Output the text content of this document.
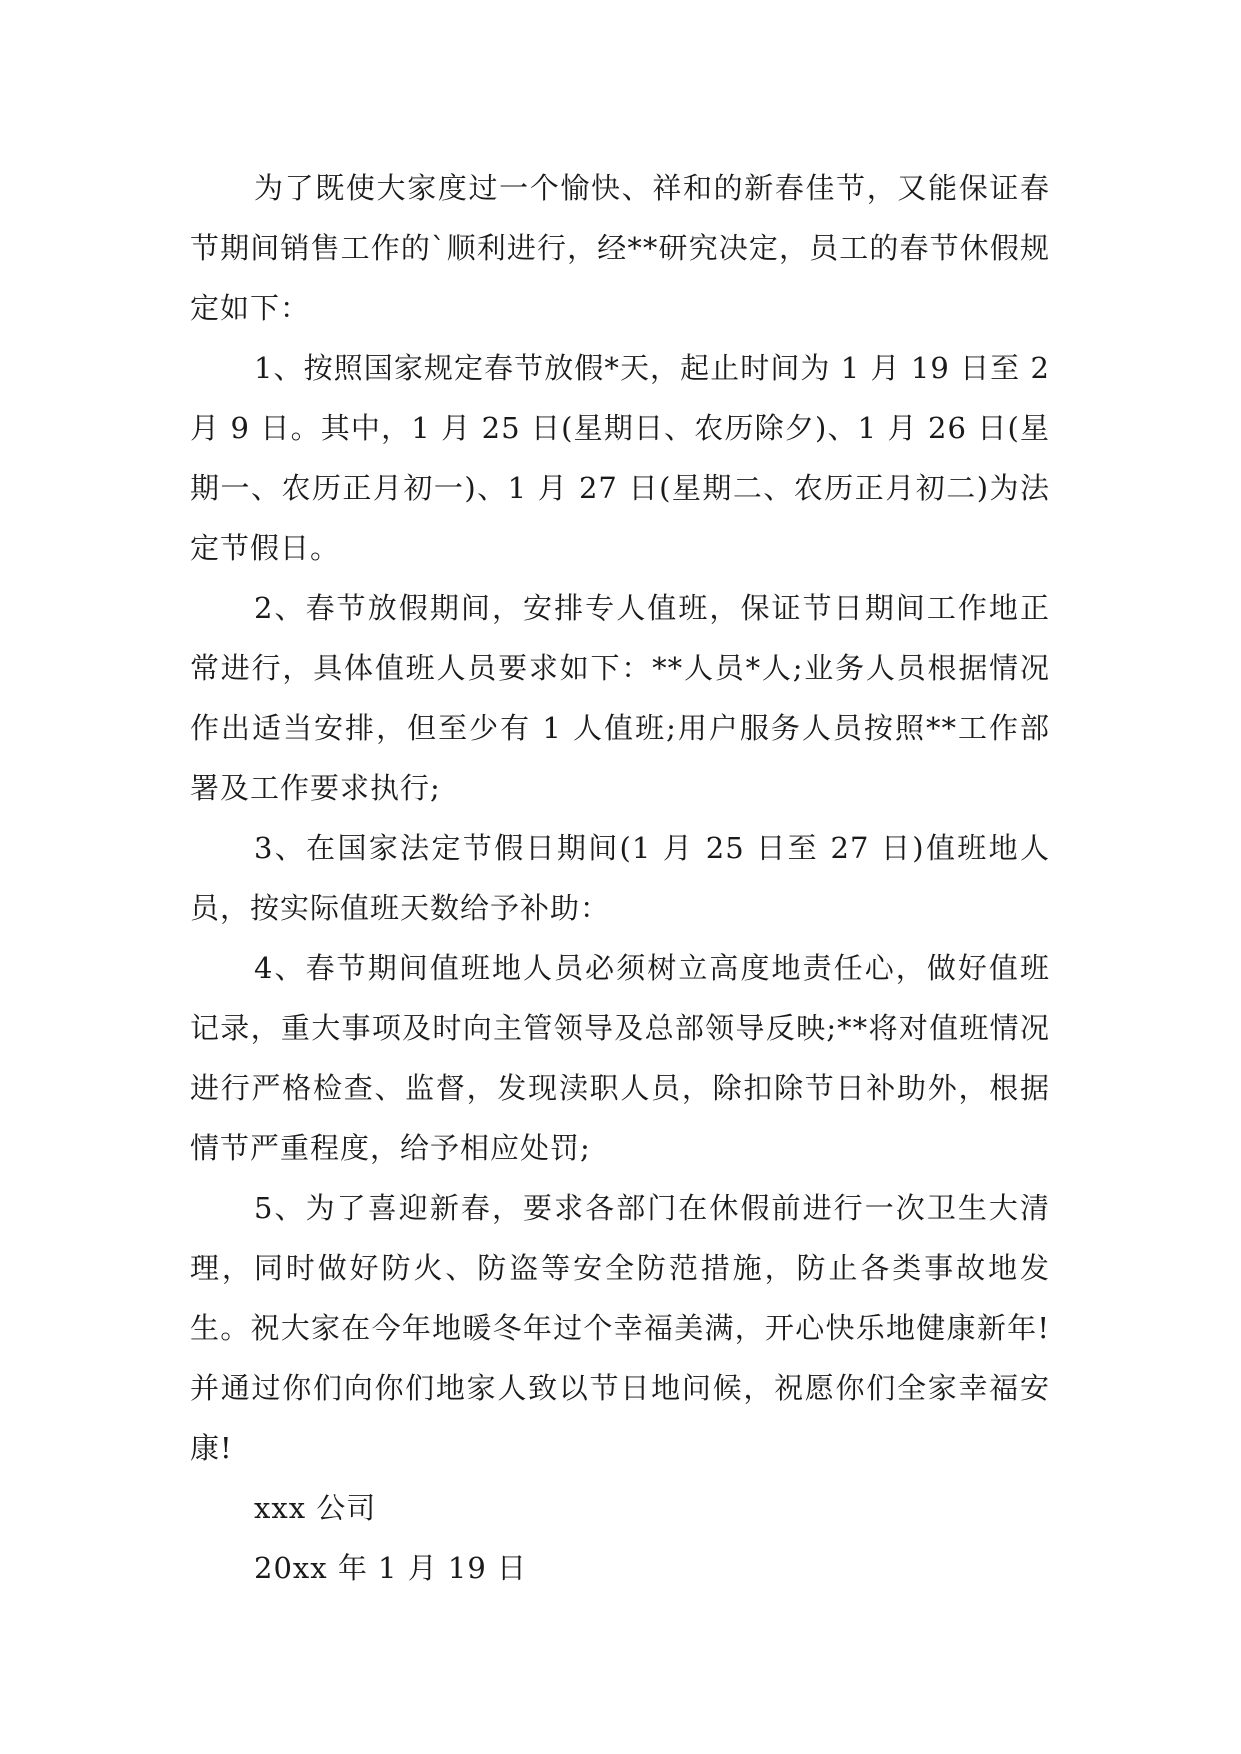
为了既使大家度过一个愉快、祥和的新春佳节，又能保证春节期间销售工作的`顺利进行，经**研究决定，员工的春节休假规定如下：

1、按照国家规定春节放假*天，起止时间为 1 月 19 日至 2 月 9 日。其中，1 月 25 日(星期日、农历除夕)、1 月 26 日(星期一、农历正月初一)、1 月 27 日(星期二、农历正月初二)为法定节假日。

2、春节放假期间，安排专人值班，保证节日期间工作地正常进行，具体值班人员要求如下：**人员*人;业务人员根据情况作出适当安排，但至少有 1 人值班;用户服务人员按照**工作部署及工作要求执行;

3、在国家法定节假日期间(1 月 25 日至 27 日)值班地人员，按实际值班天数给予补助：

4、春节期间值班地人员必须树立高度地责任心，做好值班记录，重大事项及时向主管领导及总部领导反映;**将对值班情况进行严格检查、监督，发现渎职人员，除扣除节日补助外，根据情节严重程度，给予相应处罚;

5、为了喜迎新春，要求各部门在休假前进行一次卫生大清理，同时做好防火、防盗等安全防范措施，防止各类事故地发生。祝大家在今年地暖冬年过个幸福美满，开心快乐地健康新年!并通过你们向你们地家人致以节日地问候，祝愿你们全家幸福安康!

xxx 公司

20xx 年 1 月 19 日
